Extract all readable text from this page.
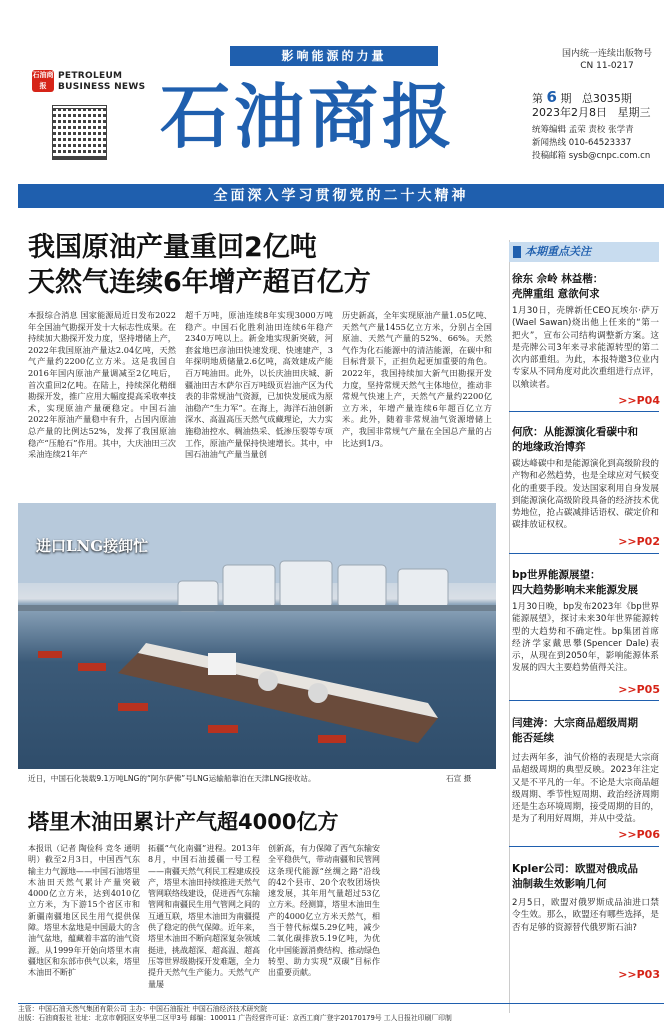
影响能源的力量
石油商报
PETROLEUM
BUSINESS NEWS 石油商报
国内统一连续出版物号
CN 11-0217
第 6 期 总3035期
2023年2月8日 星期三
统筹编辑 孟荣 责校 张学青
新闻热线 010-64523337
投稿邮箱 sysb@cnpc.com.cn
全面深入学习贯彻党的二十大精神
我国原油产量重回2亿吨
天然气连续6年增产超百亿方
本报综合消息 国家能源局近日发布2022年全国油气勘探开发十大标志性成果。在持续加大勘探开发力度，坚持增储上产，2022年我国原油产量达2.04亿吨，天然气产量约2200亿立方米。这是我国自2016年国内原油产量调减至2亿吨后，首次重回2亿吨。在陆上，持续深化精细勘探开发，推广应用大幅度提高采收率技术，实现原油产量硬稳定。中国石油2022年原油产量稳中有升，占国内原油总产量的比例达52%，发挥了我国原油稳产“压舱石”作用。其中，大庆油田三次采油连续21年产
超千万吨，原油连续8年实现3000万吨稳产。中国石化胜利油田连续6年稳产2340万吨以上。新金地实现新突破，河套盆地巴彦油田快速发现、快速建产，3年探明地质储量2.6亿吨，高效建成产能百万吨油田。此外，以长庆油田庆城、新疆油田吉木萨尔百万吨级页岩油产区为代表的非常规油气资源，已加快发展成为原油稳产“生力军”。在海上，海洋石油创新深水、高温高压天然气成藏理论，大力实施稳油控水、稠油热采、低渗压裂等专项工作，原油产量保持快速增长。其中，中国石油油气产量当量创
历史新高，全年实现原油产量1.05亿吨、天然气产量1455亿立方米，分别占全国原油、天然气产量的52%、66%。天然气作为化石能源中的清洁能源，在碳中和目标背景下，正担负起更加重要的角色。2022年，我国持续加大新气田勘探开发力度，坚持常规天然气主体地位，推动非常规气快速上产，天然气产量约2200亿立方米，年增产量连续6年超百亿立方米。此外，随着非常规油气资源增储上产，我国非常规气产量在全国总产量的占比达到1/3。
进口LNG接卸忙
近日，中国石化装载9.1万吨LNG的“阿尔萨佛”号LNG运输船靠泊在天津LNG接收站。	石宣 摄
塔里木油田累计产气超4000亿方
本报讯（记者 陶俭科 竞冬 通明明）截至2月3日，中国西气东输主力气源地——中国石油塔里木油田天然气累计产量突破4000亿立方米，达到4010亿立方米，为下游15个省区市和新疆南疆地区民生用气提供保障。塔里木盆地是中国最大的含油气盆地，蕴藏着丰富的油气资源。从1999年开始向塔里木南疆地区和东部市供气以来，塔里木油田不断扩
拓疆“气化南疆”进程。2013年8月，中国石油援疆一号工程——南疆天然气利民工程建成投产，塔里木油田持续推进天然气管网联络线建设，促进西气东输管网和南疆民生用气管网之间的互通互联，塔里木油田为南疆提供了稳定的供气保障。近年来，塔里木油田不断向超深复杂领域挺进，挑战超深、超高温、超高压等世界级勘探开发难题，全力提升天然气生产能力。天然气产量屡
创新高，有力保障了西气东输安全平稳供气，带动南疆和民管网这条现代能源“丝绸之路”沿线的42个县市、20个农牧团场快速发展，其年用气量超过53亿立方米。经测算，塔里木油田生产的4000亿立方米天然气，相当于替代标煤5.29亿吨，减少二氧化碳排放5.19亿吨，为优化中国能源消费结构、推动绿色转型、助力实现“双碳”目标作出重要贡献。
本期重点关注
徐东 佘岭 林益楷：
壳牌重组 意欲何求
1月30日，壳牌新任CEO瓦埃尔·萨万(Wael Sawan)烧出他上任来的“第一把火”，宣布公司结构调整新方案。这是壳牌公司3年来寻求能源转型的第二次内部重组。为此，本报特邀3位业内专家从不同角度对此次重组进行点评，以飨读者。
>>P04
何欣：从能源演化看碳中和
的地缘政治博弈
碳达峰碳中和是能源演化到高级阶段的产物和必然趋势，也是全球应对气候变化的重要手段。发达国家利用自身发展到能源演化高级阶段具备的经济技术优势地位，抢占碳减排话语权、碳定价和碳排放证权权。
>>P02
bp世界能源展望：
四大趋势影响未来能源发展
1月30日晚，bp发布2023年《bp世界能源展望》，探讨未来30年世界能源转型的大趋势和不确定性。bp集团首席经济学家戴思攀(Spencer Dale)表示，从现在到2050年，影响能源体系发展的四大主要趋势值得关注。
>>P05
闫建涛：大宗商品超级周期
能否延续
过去两年多，油气价格的表现是大宗商品超级周期的典型反映。2023年注定又是不平凡的一年。不论是大宗商品超级周期、季节性短周期、政治经济周期还是生态环境周期，接受周期的目的，是为了利用好周期，并从中受益。
>>P06
Kpler公司：欧盟对俄成品
油制裁生效影响几何
2月5日，欧盟对俄罗斯成品油进口禁令生效。那么，欧盟还有哪些选择，是否有足够的资源替代俄罗斯石油?
>>P03
主管：中国石油天然气集团有限公司 主办：中国石油报社 中国石油经济技术研究院
出版：石油商报社 社址：北京市朝阳区安华里二区甲3号 邮编：100011 广告经营许可证：京西工商广登字20170179号 工人日报社印刷厂印制
